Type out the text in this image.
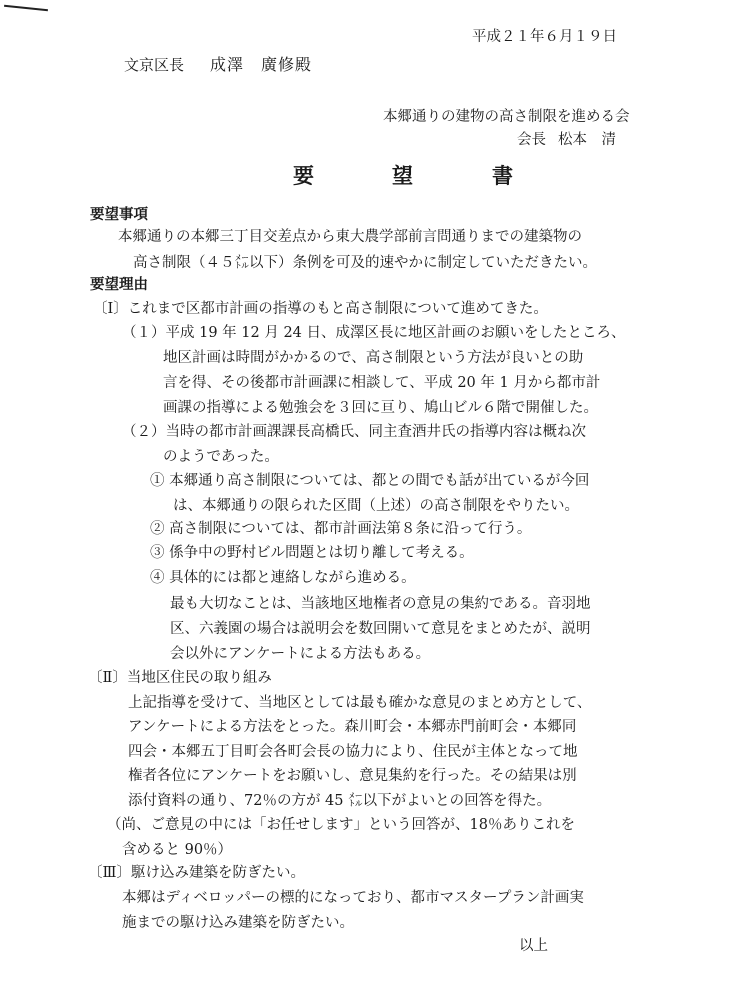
平成２１年６月１９日
文京区長 成澤　廣修殿
本郷通りの建物の高さ制限を進める会
会長 松本　清
要	望	書
要望事項
本郷通りの本郷三丁目交差点から東大農学部前言問通りまでの建築物の
高さ制限（４５㍍以下）条例を可及的速やかに制定していただきたい。
要望理由
〔Ⅰ〕これまで区都市計画の指導のもと高さ制限について進めてきた。
（１）平成 19 年 12 月 24 日、成澤区長に地区計画のお願いをしたところ、
地区計画は時間がかかるので、高さ制限という方法が良いとの助
言を得、その後都市計画課に相談して、平成 20 年 1 月から都市計
画課の指導による勉強会を３回に亘り、鳩山ビル６階で開催した。
（２）当時の都市計画課課長高橋氏、同主査酒井氏の指導内容は概ね次
のようであった。
① 本郷通り高さ制限については、都との間でも話が出ているが今回
は、本郷通りの限られた区間（上述）の高さ制限をやりたい。
② 高さ制限については、都市計画法第８条に沿って行う。
③ 係争中の野村ビル問題とは切り離して考える。
④ 具体的には都と連絡しながら進める。
最も大切なことは、当該地区地権者の意見の集約である。音羽地
区、六義園の場合は説明会を数回開いて意見をまとめたが、説明
会以外にアンケートによる方法もある。
〔Ⅱ〕当地区住民の取り組み
上記指導を受けて、当地区としては最も確かな意見のまとめ方として、
アンケートによる方法をとった。森川町会・本郷赤門前町会・本郷同
四会・本郷五丁目町会各町会長の協力により、住民が主体となって地
権者各位にアンケートをお願いし、意見集約を行った。その結果は別
添付資料の通り、72％の方が 45 ㍍以下がよいとの回答を得た。
（尚、ご意見の中には「お任せします」という回答が、18％ありこれを
含めると 90％）
〔Ⅲ〕駆け込み建築を防ぎたい。
本郷はディベロッパーの標的になっており、都市マスタープラン計画実
施までの駆け込み建築を防ぎたい。
以上
